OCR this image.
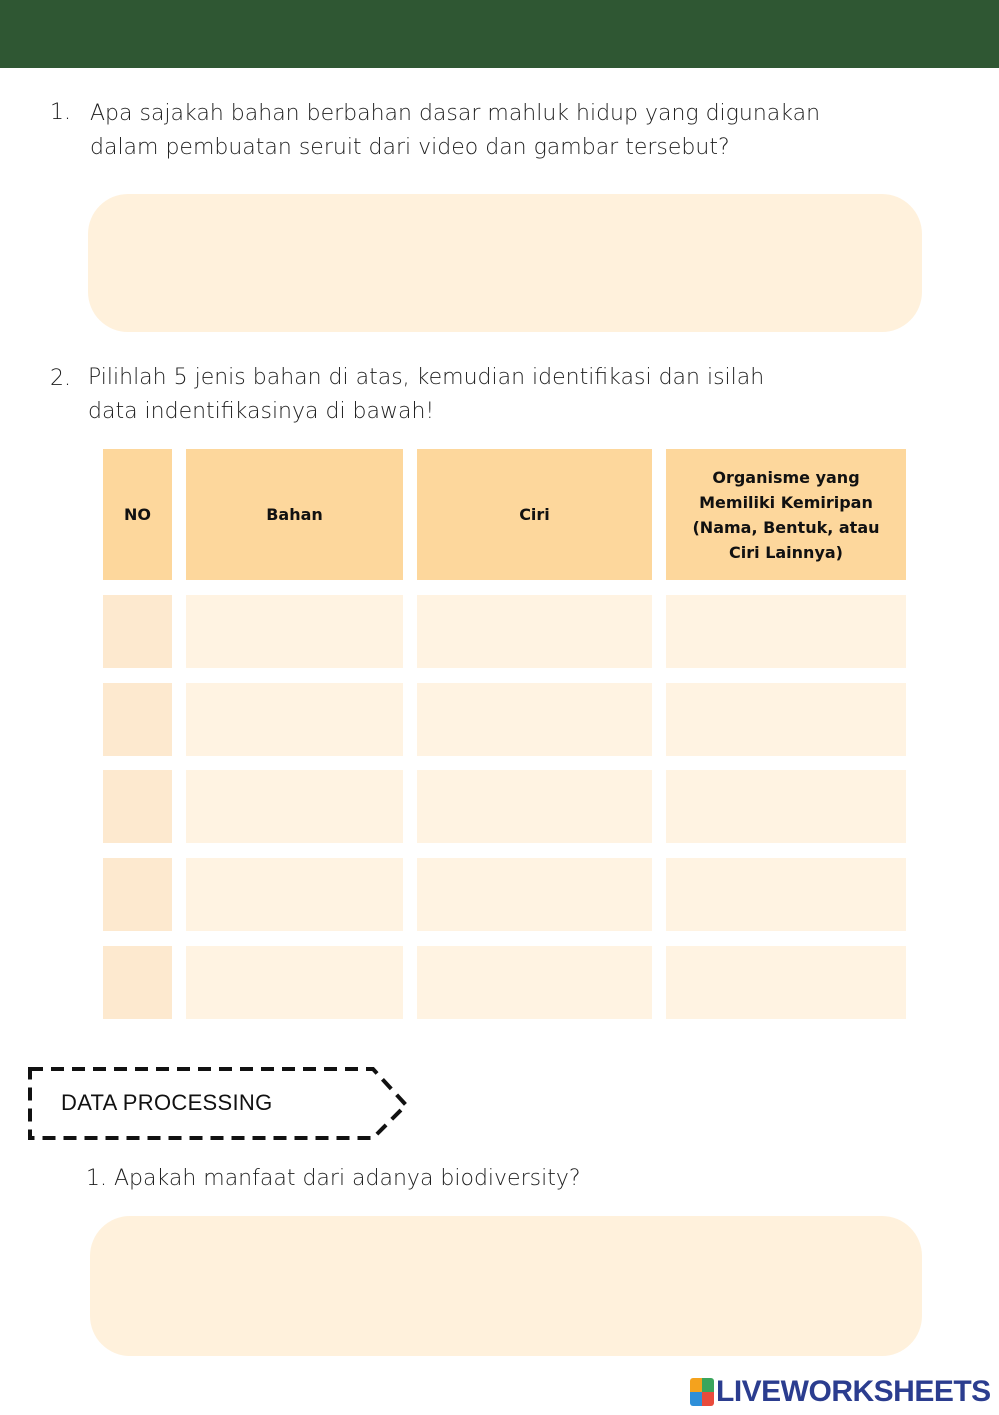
1. Apa sajakah bahan berbahan dasar mahluk hidup yang digunakan
dalam pembuatan seruit dari video dan gambar tersebut?
2. Pilihlah 5 jenis bahan di atas, kemudian identifikasi dan isilah
data indentifikasinya di bawah!
NO	Bahan	Ciri
Organisme yang Memiliki Kemiripan (Nama, Bentuk, atau Ciri Lainnya)
DATA PROCESSING
1. Apakah manfaat dari adanya biodiversity?
LIVEWORKSHEETS
